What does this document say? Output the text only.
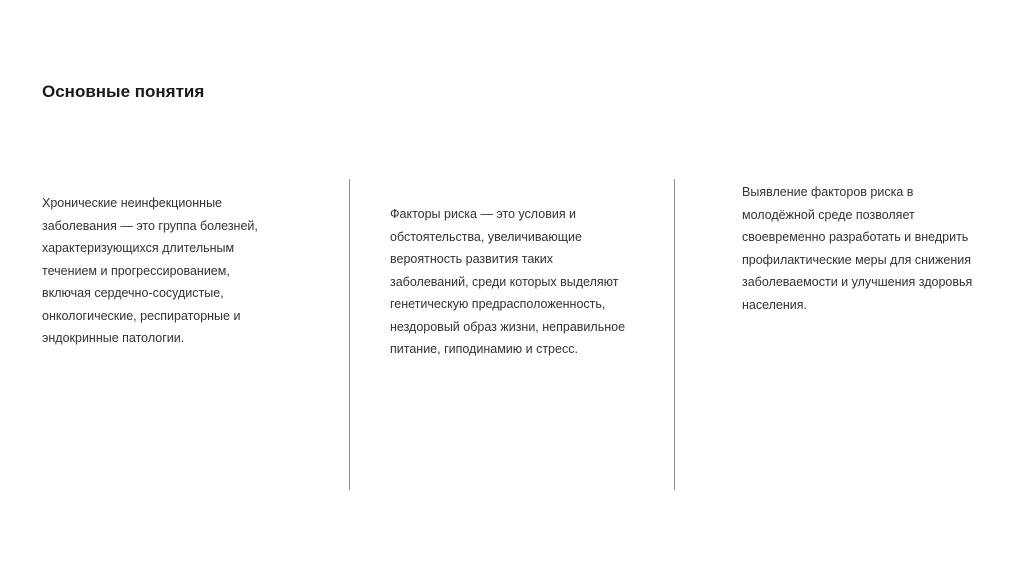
Основные понятия

Хронические неинфекционные
заболевания — это группа болезней,
характеризующихся длительным
течением и прогрессированием,
включая сердечно-сосудистые,
онкологические, респираторные и
эндокринные патологии.

Факторы риска — это условия и
обстоятельства, увеличивающие
вероятность развития таких
заболеваний, среди которых выделяют
генетическую предрасположенность,
нездоровый образ жизни, неправильное
питание, гиподинамию и стресс.

Выявление факторов риска в
молодёжной среде позволяет
своевременно разработать и внедрить
профилактические меры для снижения
заболеваемости и улучшения здоровья
населения.
